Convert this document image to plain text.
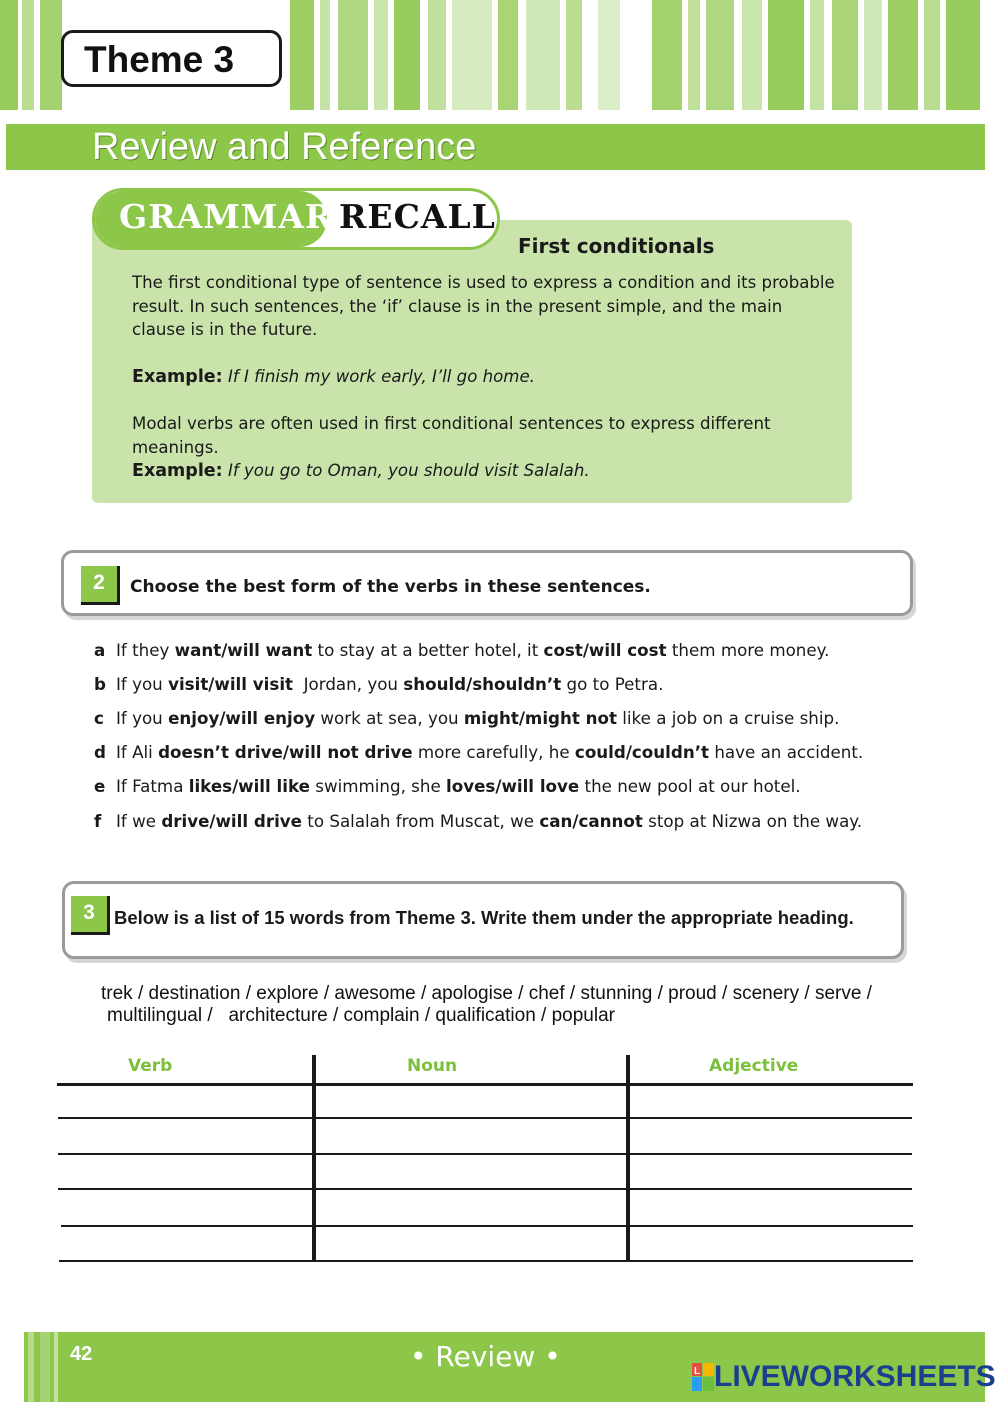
Theme 3
Review and Reference
GRAMMAR RECALL
First conditionals
The first conditional type of sentence is used to express a condition and its probable result. In such sentences, the ‘if’ clause is in the present simple, and the main clause is in the future.
Example: If I finish my work early, I’ll go home.
Modal verbs are often used in first conditional sentences to express different meanings.
Example: If you go to Oman, you should visit Salalah.
2	Choose the best form of the verbs in these sentences.
a If they want/will want to stay at a better hotel, it cost/will cost them more money.
b If you visit/will visit  Jordan, you should/shouldn’t go to Petra.
c If you enjoy/will enjoy work at sea, you might/might not like a job on a cruise ship.
d If Ali doesn’t drive/will not drive more carefully, he could/couldn’t have an accident.
e If Fatma likes/will like swimming, she loves/will love the new pool at our hotel.
f If we drive/will drive to Salalah from Muscat, we can/cannot stop at Nizwa on the way.
3	Below is a list of 15 words from Theme 3. Write them under the appropriate heading.
trek / destination / explore / awesome / apologise / chef / stunning / proud / scenery / serve /
multilingual /   architecture / complain / qualification / popular
Verb	Noun	Adjective
42	• Review •	L LIVEWORKSHEETS
